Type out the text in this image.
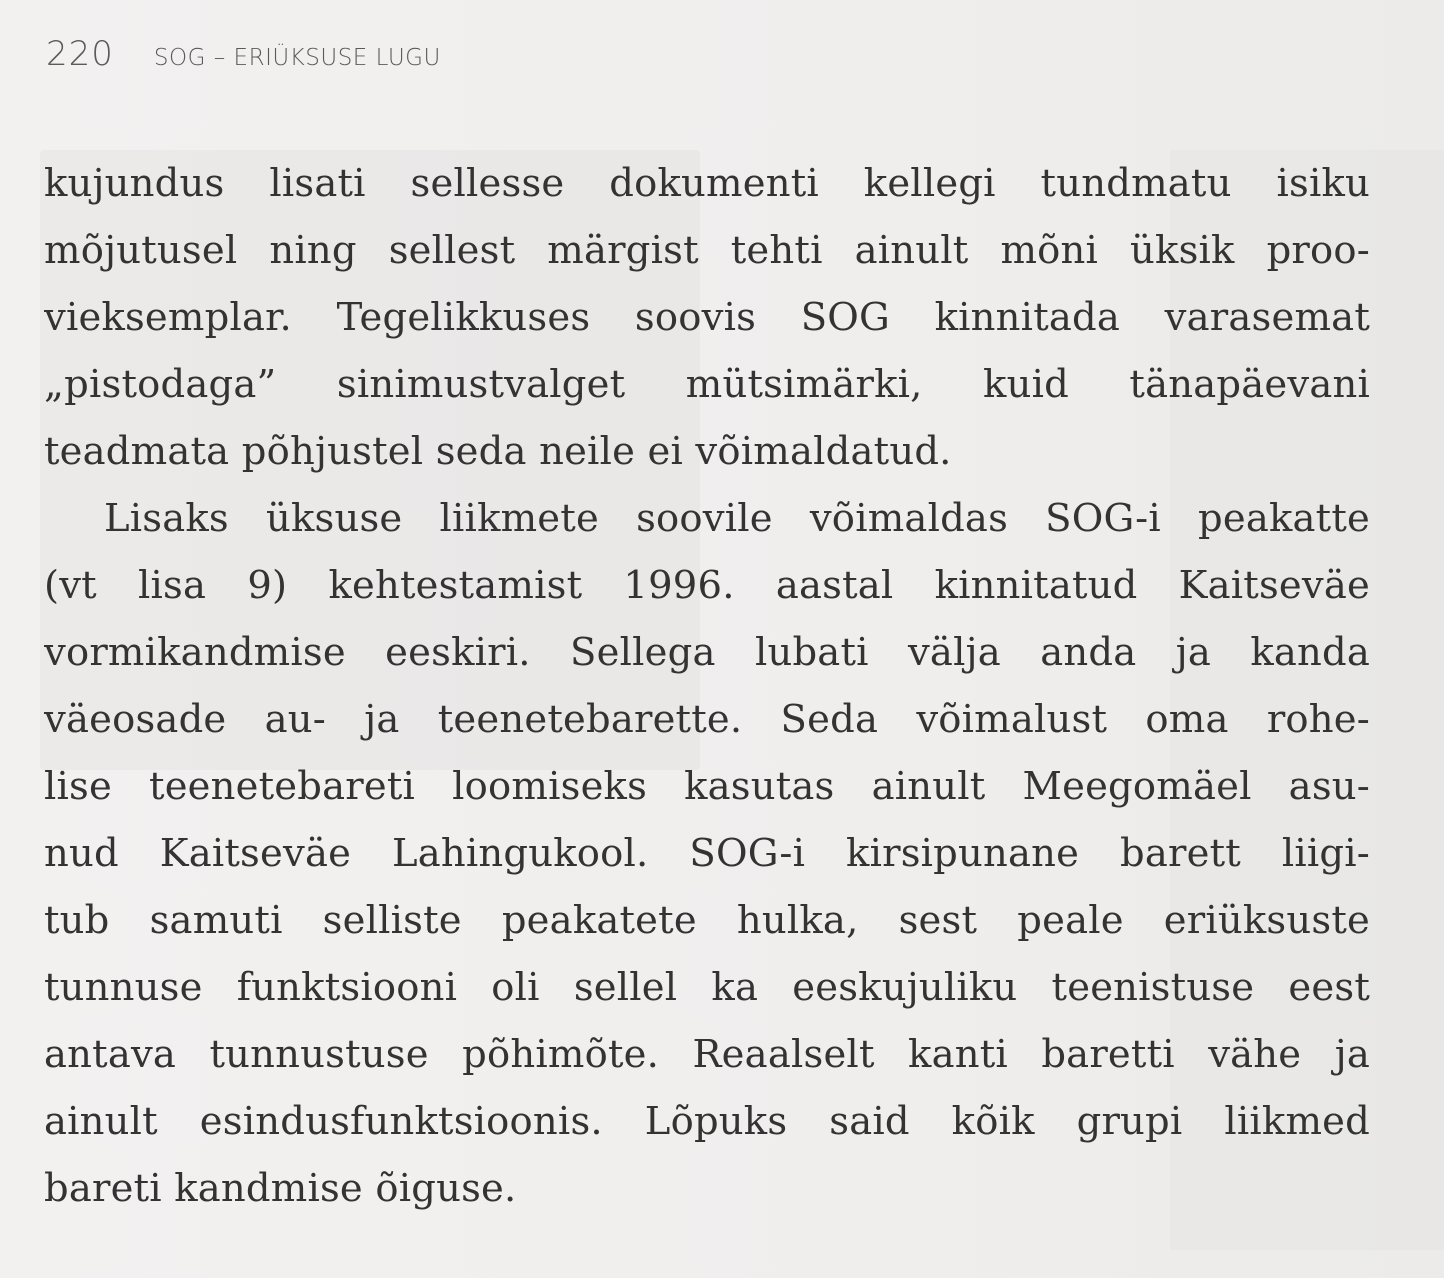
220 SOG – ERIÜKSUSE LUGU
kujundus lisati sellesse dokumenti kellegi tundmatu isiku
mõjutusel ning sellest märgist tehti ainult mõni üksik proo-
vieksemplar. Tegelikkuses soovis SOG kinnitada varasemat
„pistodaga” sinimustvalget mütsimärki, kuid tänapäevani
teadmata põhjustel seda neile ei võimaldatud.
Lisaks üksuse liikmete soovile võimaldas SOG-i peakatte
(vt lisa 9) kehtestamist 1996. aastal kinnitatud Kaitseväe
vormikandmise eeskiri. Sellega lubati välja anda ja kanda
väeosade au- ja teenetebarette. Seda võimalust oma rohe-
lise teenetebareti loomiseks kasutas ainult Meegomäel asu-
nud Kaitseväe Lahingukool. SOG-i kirsipunane barett liigi-
tub samuti selliste peakatete hulka, sest peale eriüksuste
tunnuse funktsiooni oli sellel ka eeskujuliku teenistuse eest
antava tunnustuse põhimõte. Reaalselt kanti baretti vähe ja
ainult esindusfunktsioonis. Lõpuks said kõik grupi liikmed
bareti kandmise õiguse.
